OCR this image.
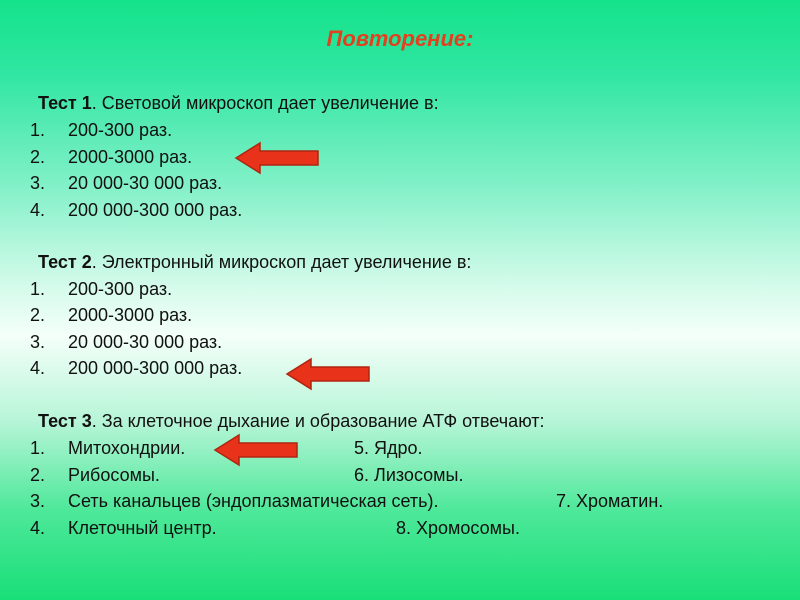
Повторение:
Тест 1. Световой микроскоп дает увеличение в:
1. 200-300 раз.
2. 2000-3000 раз.
3. 20 000-30 000 раз.
4. 200 000-300 000 раз.
Тест 2. Электронный микроскоп дает увеличение в:
1. 200-300 раз.
2. 2000-3000 раз.
3. 20 000-30 000 раз.
4. 200 000-300 000 раз.
Тест 3. За клеточное дыхание и образование АТФ отвечают:
1. Митохондрии.	5. Ядро.
2. Рибосомы.	6. Лизосомы.
3. Сеть канальцев (эндоплазматическая сеть).	7. Хроматин.
4. Клеточный центр.	8. Хромосомы.
